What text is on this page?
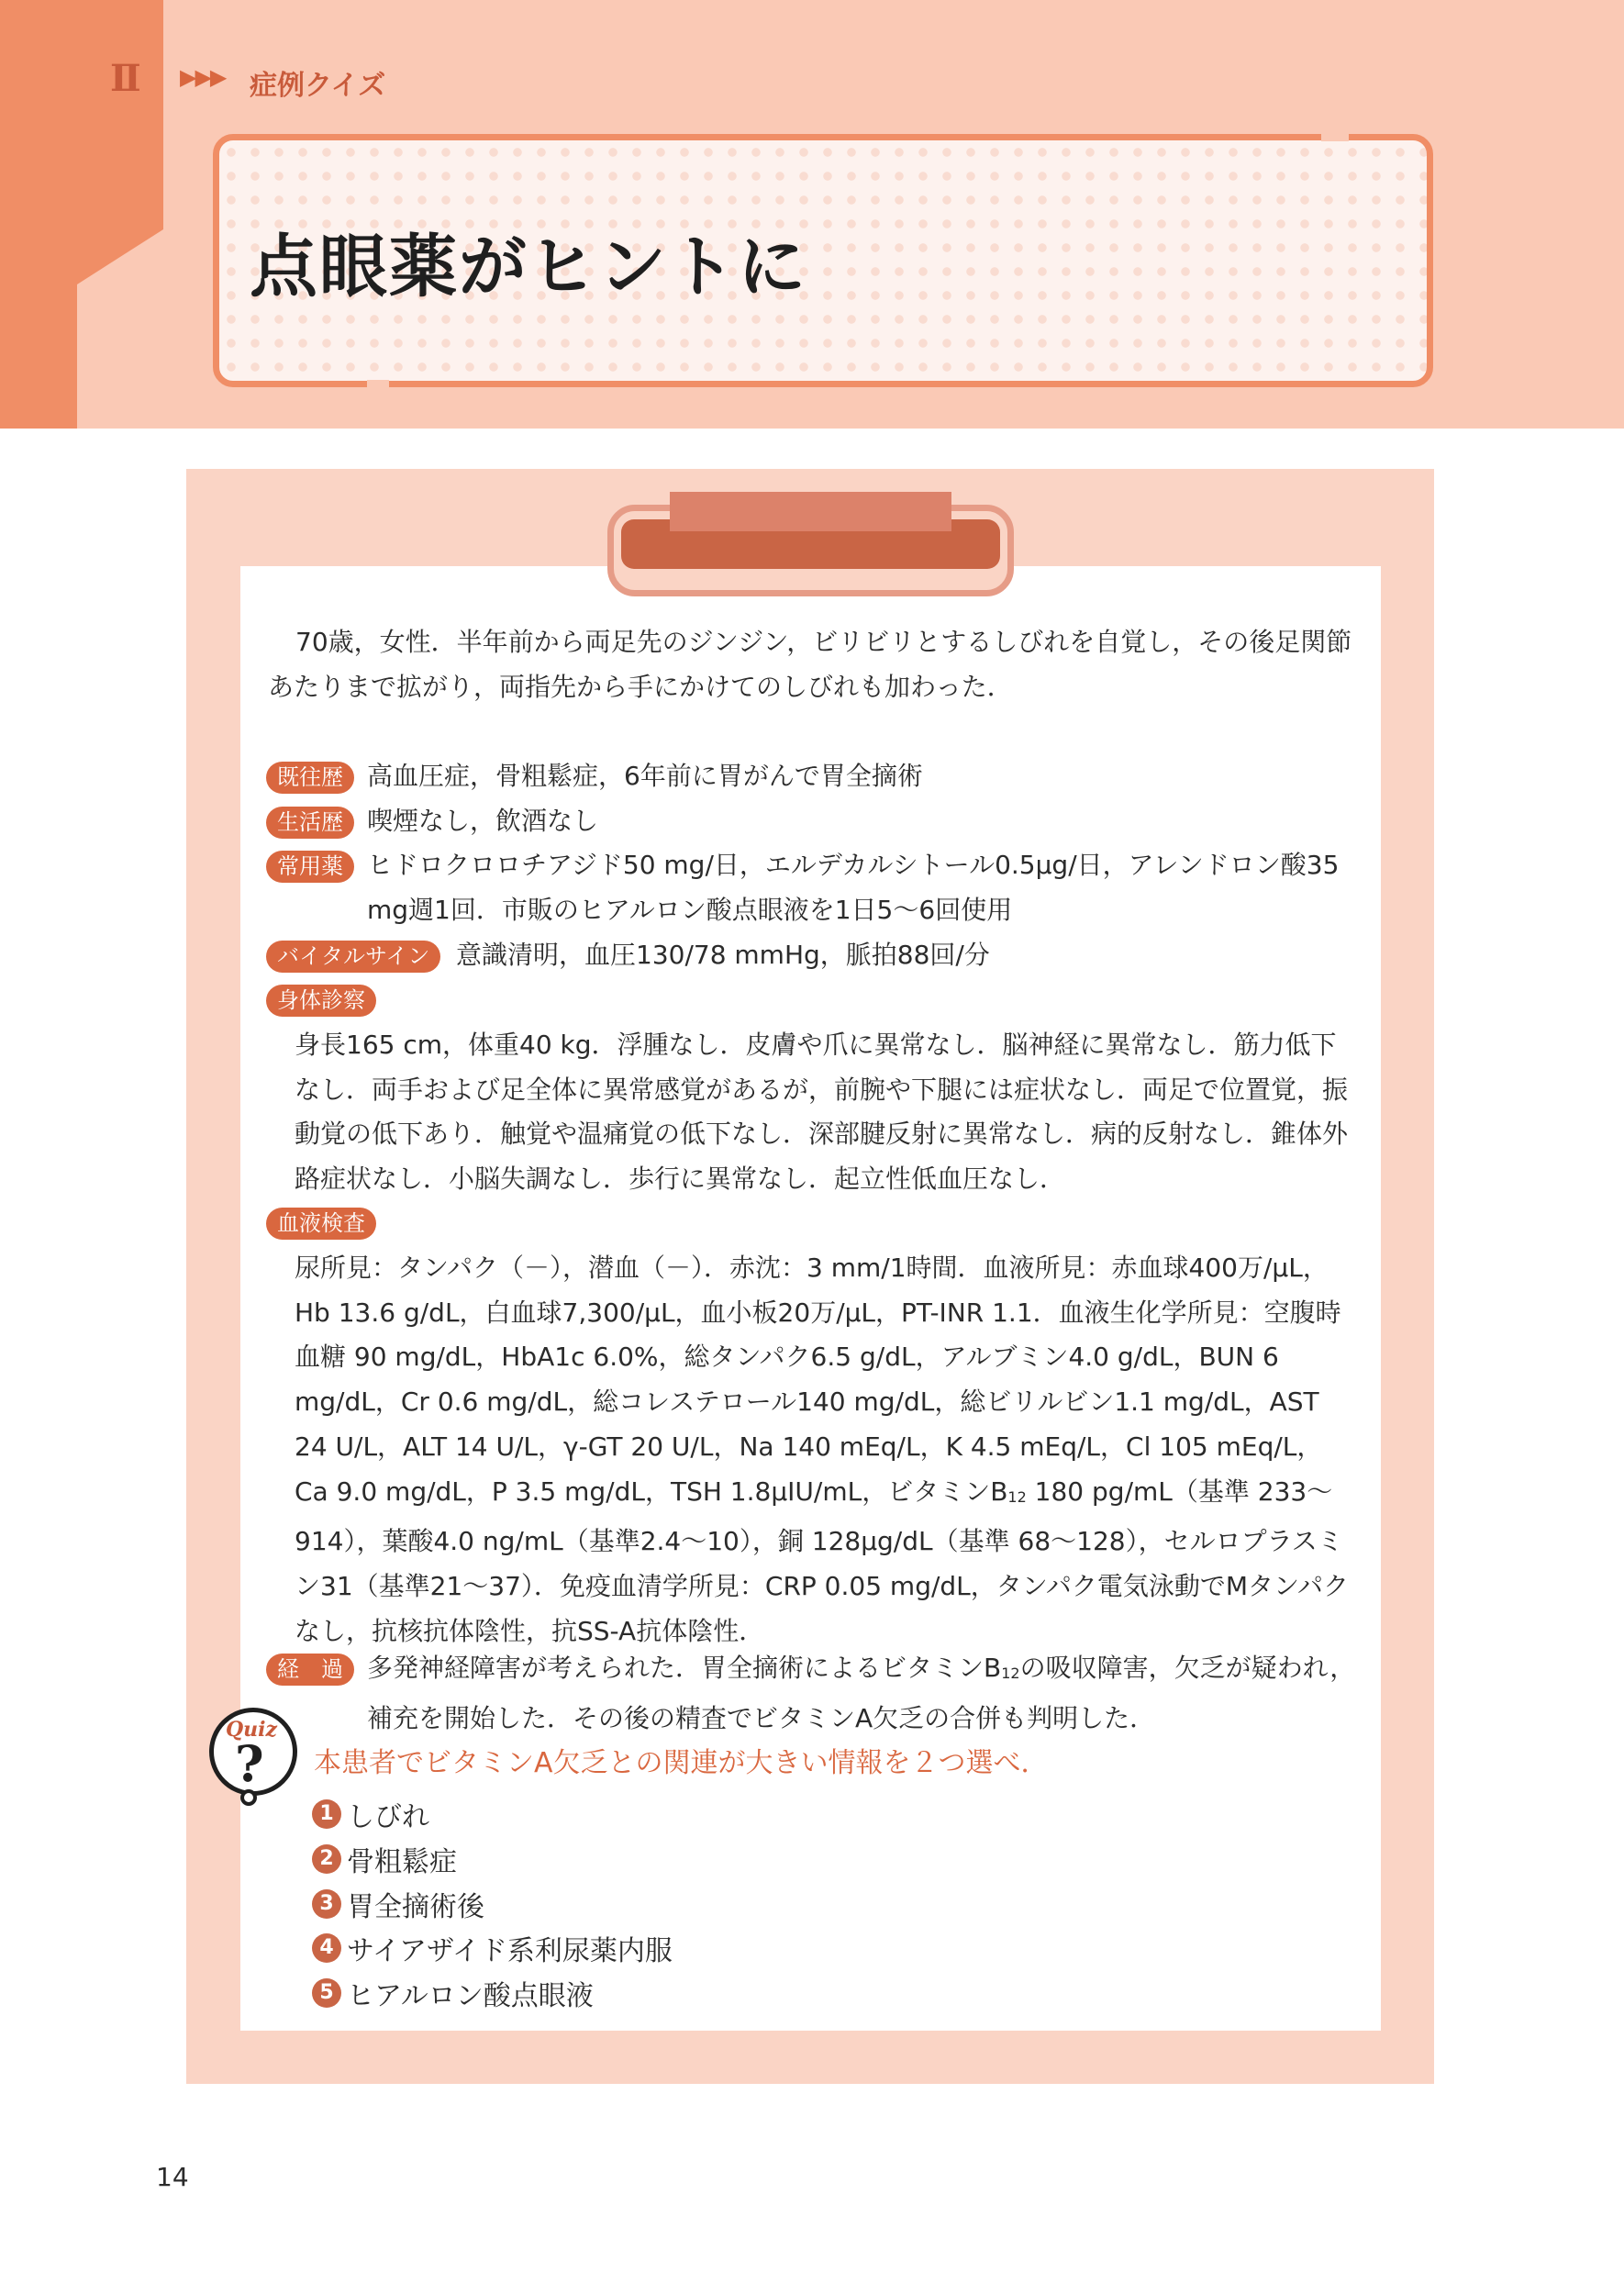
Ⅱ ▶▶▶ 症例クイズ
点眼薬がヒントに

70歳，女性．半年前から両足先のジンジン，ビリビリとするしびれを自覚し，その後足関節あたりまで拡がり，両指先から手にかけてのしびれも加わった．

既往歴 高血圧症，骨粗鬆症，6年前に胃がんで胃全摘術

生活歴 喫煙なし，飲酒なし

常用薬 ヒドロクロロチアジド50 mg/日，エルデカルシトール0.5μg/日，アレンドロン酸35 mg週1回．市販のヒアルロン酸点眼液を1日5～6回使用

バイタルサイン	意識清明，血圧130/78 mmHg，脈拍88回/分

身体診察

身長165 cm，体重40 kg．浮腫なし．皮膚や爪に異常なし．脳神経に異常なし．筋力低下なし．両手および足全体に異常感覚があるが，前腕や下腿には症状なし．両足で位置覚，振動覚の低下あり．触覚や温痛覚の低下なし．深部腱反射に異常なし．病的反射なし．錐体外路症状なし．小脳失調なし．歩行に異常なし．起立性低血圧なし．

血液検査

尿所見：タンパク（－），潜血（－）．赤沈：3 mm/1時間．血液所見：赤血球400万/μL，Hb 13.6 g/dL，白血球7,300/μL，血小板20万/μL，PT-INR 1.1．血液生化学所見：空腹時血糖 90 mg/dL，HbA1c 6.0%，総タンパク6.5 g/dL，アルブミン4.0 g/dL，BUN 6 mg/dL，Cr 0.6 mg/dL，総コレステロール140 mg/dL，総ビリルビン1.1 mg/dL，AST 24 U/L，ALT 14 U/L，γ-GT 20 U/L，Na 140 mEq/L，K 4.5 mEq/L，Cl 105 mEq/L，Ca 9.0 mg/dL，P 3.5 mg/dL，TSH 1.8μIU/mL，ビタミン$B_{12}$ 180 pg/mL（基準 233～914），葉酸4.0 ng/mL（基準2.4～10），銅 128μg/dL（基準 68～128），セルロプラスミン31（基準21～37）．免疫血清学所見：CRP 0.05 mg/dL，タンパク電気泳動でMタンパクなし，抗核抗体陰性，抗SS-A抗体陰性．

経　過 多発神経障害が考えられた．胃全摘術によるビタミン$B_{12}$の吸収障害，欠乏が疑われ，補充を開始した．その後の精査でビタミンA欠乏の合併も判明した．

Quiz
? 本患者でビタミンA欠乏との関連が大きい情報を２つ選べ．

1 しびれ
2 骨粗鬆症
3 胃全摘術後
4 サイアザイド系利尿薬内服
5 ヒアルロン酸点眼液
14
